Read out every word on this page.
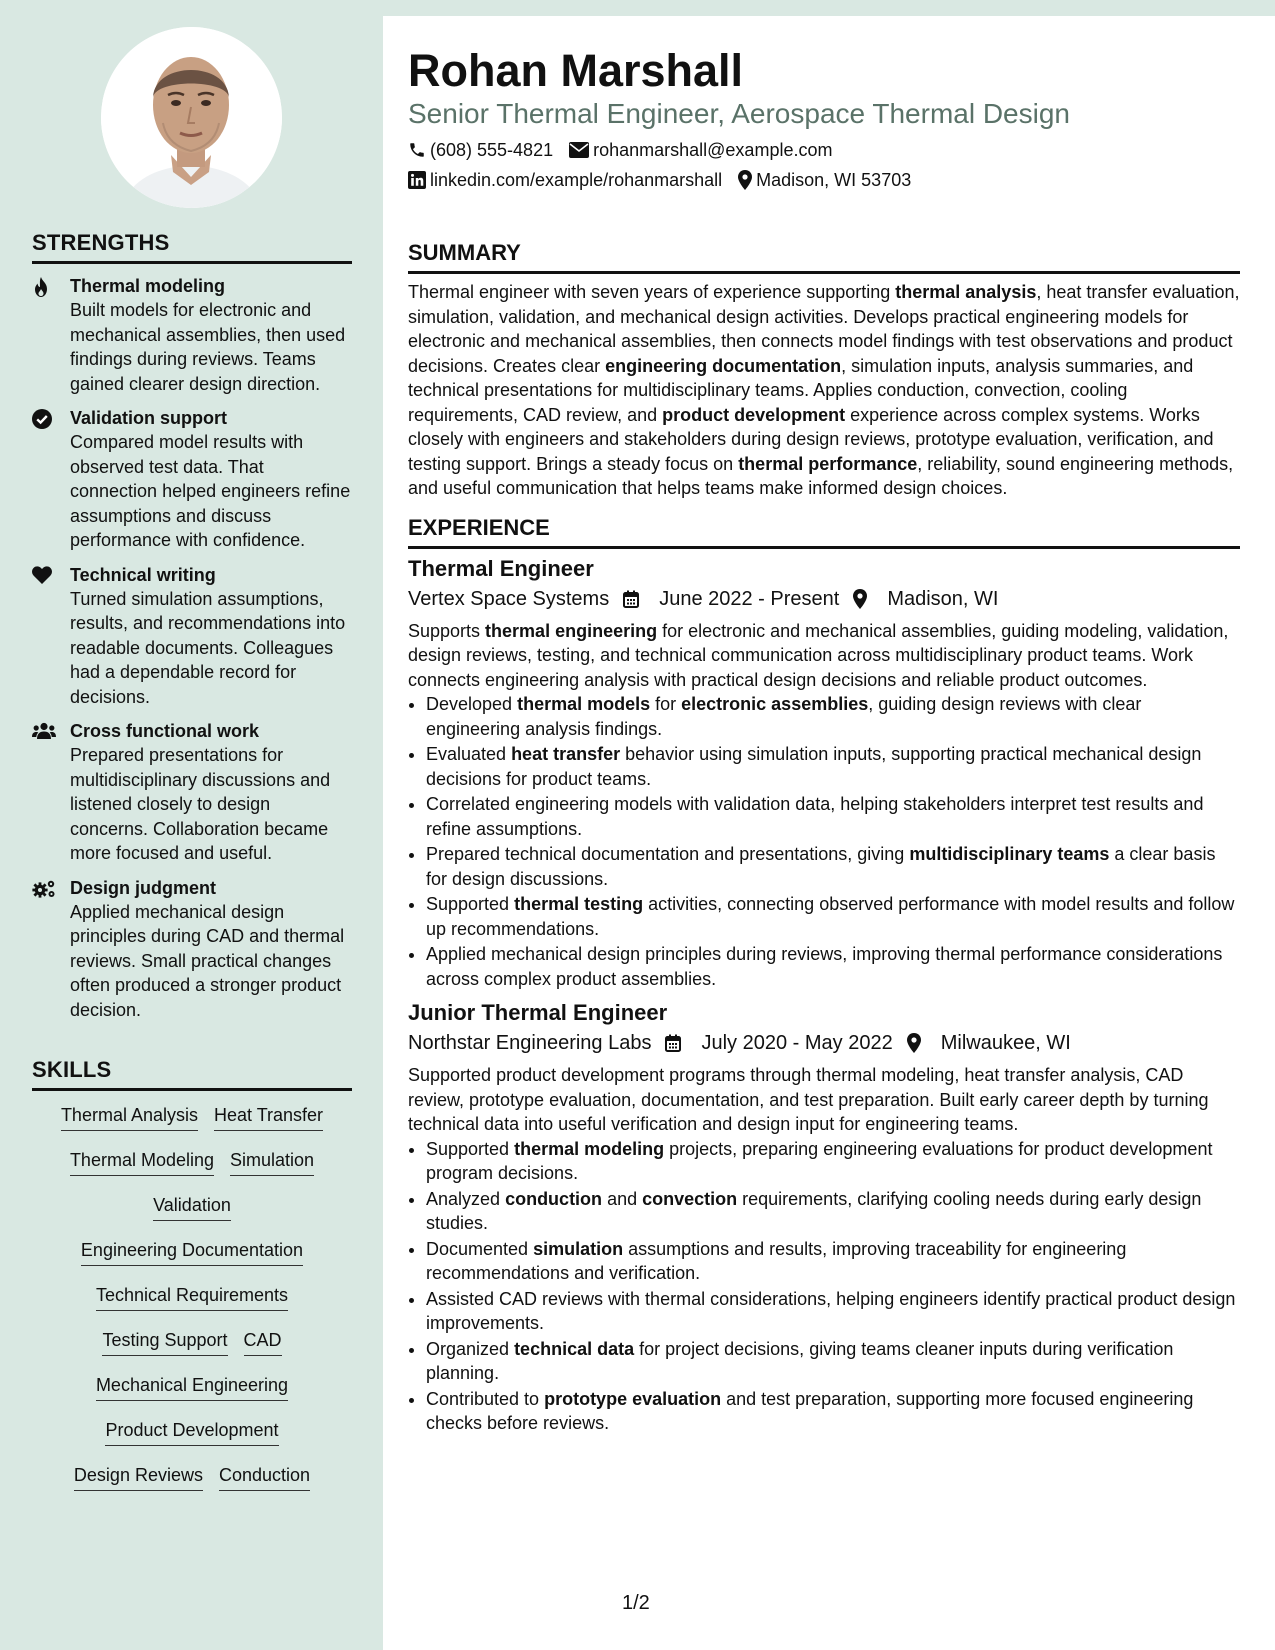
STRENGTHS
Thermal modeling
Built models for electronic and mechanical assemblies, then used findings during reviews. Teams gained clearer design direction.
Validation support
Compared model results with observed test data. That connection helped engineers refine assumptions and discuss performance with confidence.
Technical writing
Turned simulation assumptions, results, and recommendations into readable documents. Colleagues had a dependable record for decisions.
Cross functional work
Prepared presentations for multidisciplinary discussions and listened closely to design concerns. Collaboration became more focused and useful.
Design judgment
Applied mechanical design principles during CAD and thermal reviews. Small practical changes often produced a stronger product decision.
SKILLS
Thermal Analysis Heat Transfer
Thermal Modeling Simulation
Validation
Engineering Documentation
Technical Requirements
Testing Support CAD
Mechanical Engineering
Product Development
Design Reviews Conduction
Rohan Marshall
Senior Thermal Engineer, Aerospace Thermal Design
(608) 555-4821 rohanmarshall@example.com
linkedin.com/example/rohanmarshall Madison, WI 53703
SUMMARY

Thermal engineer with seven years of experience supporting thermal analysis, heat transfer evaluation, simulation, validation, and mechanical design activities. Develops practical engineering models for electronic and mechanical assemblies, then connects model findings with test observations and product decisions. Creates clear engineering documentation, simulation inputs, analysis summaries, and technical presentations for multidisciplinary teams. Applies conduction, convection, cooling requirements, CAD review, and product development experience across complex systems. Works closely with engineers and stakeholders during design reviews, prototype evaluation, verification, and testing support. Brings a steady focus on thermal performance, reliability, sound engineering methods, and useful communication that helps teams make informed design choices.

EXPERIENCE
Thermal Engineer
Vertex Space Systems	June 2022 - Present Madison, WI

Supports thermal engineering for electronic and mechanical assemblies, guiding modeling, validation, design reviews, testing, and technical communication across multidisciplinary product teams. Work connects engineering analysis with practical design decisions and reliable product outcomes.

• Developed thermal models for electronic assemblies, guiding design reviews with clear engineering analysis findings.
• Evaluated heat transfer behavior using simulation inputs, supporting practical mechanical design decisions for product teams.
• Correlated engineering models with validation data, helping stakeholders interpret test results and refine assumptions.
• Prepared technical documentation and presentations, giving multidisciplinary teams a clear basis for design discussions.
• Supported thermal testing activities, connecting observed performance with model results and follow up recommendations.
• Applied mechanical design principles during reviews, improving thermal performance considerations across complex product assemblies.
Junior Thermal Engineer
Northstar Engineering Labs	July 2020 - May 2022 Milwaukee, WI

Supported product development programs through thermal modeling, heat transfer analysis, CAD review, prototype evaluation, documentation, and test preparation. Built early career depth by turning technical data into useful verification and design input for engineering teams.

• Supported thermal modeling projects, preparing engineering evaluations for product development program decisions.
• Analyzed conduction and convection requirements, clarifying cooling needs during early design studies.
• Documented simulation assumptions and results, improving traceability for engineering recommendations and verification.
• Assisted CAD reviews with thermal considerations, helping engineers identify practical product design improvements.
• Organized technical data for project decisions, giving teams cleaner inputs during verification planning.
• Contributed to prototype evaluation and test preparation, supporting more focused engineering checks before reviews.
1/2
